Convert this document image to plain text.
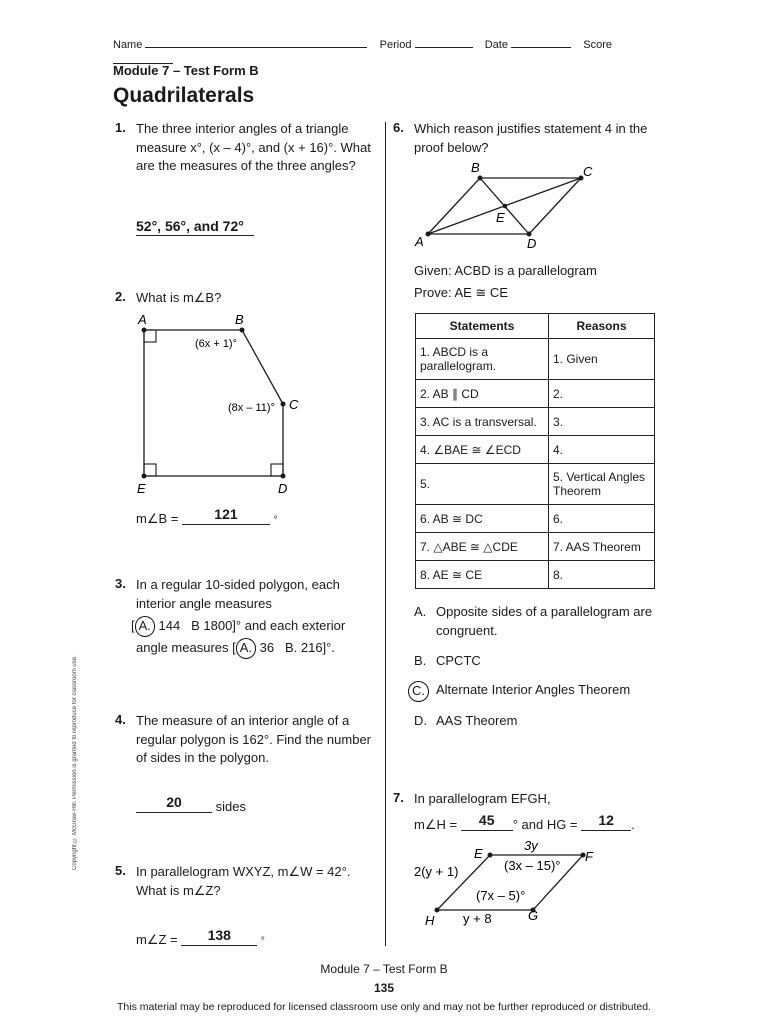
Name	Period	Date	Score
Module 7 – Test Form B
Quadrilaterals
Copyright © McGraw-Hill. Permission is granted to reproduce for classroom use.
1. The three interior angles of a triangle measure x°, (x – 4)°, and (x + 16)°. What are the measures of the three angles?
52°, 56°, and 72°
2. What is m∠B?
A	B
C
D
E
(6x + 1)°
(8x – 11)°
m∠B =	121	°
3. In a regular 10-sided polygon, each
interior angle measures
[ A. 144 B 1800]° and each exterior
angle measures [ A. 36 B. 216]°.
4. The measure of an interior angle of a regular polygon is 162°. Find the number of sides in the polygon.
20	sides
5. In parallelogram WXYZ, m∠W = 42°. What is m∠Z?
m∠Z = 138	°
6. Which reason justifies statement 4 in the proof below?
A
B	C
D
E
Given: ACBD is a parallelogram
Prove: AE ≅ CE
Statements	Reasons
1. ABCD is a parallelogram.	1. Given
2. AB ∥ CD	2.
3. AC is a transversal.	3.
4. ∠BAE ≅ ∠ECD	4.
5.	5. Vertical Angles Theorem
6. AB ≅ DC	6.
7. △ABE ≅ △CDE	7. AAS Theorem
8. AE ≅ CE	8.
A. Opposite sides of a parallelogram are congruent.
B. CPCTC
C. Alternate Interior Angles Theorem
D. AAS Theorem
7. In parallelogram EFGH,
m∠H = 45 ° and HG = 12 .
E	F
G
H
3y
2(y + 1)	(3x – 15)°
(7x – 5)°
y + 8
Module 7 – Test Form B
135
This material may be reproduced for licensed classroom use only and may not be further reproduced or distributed.
